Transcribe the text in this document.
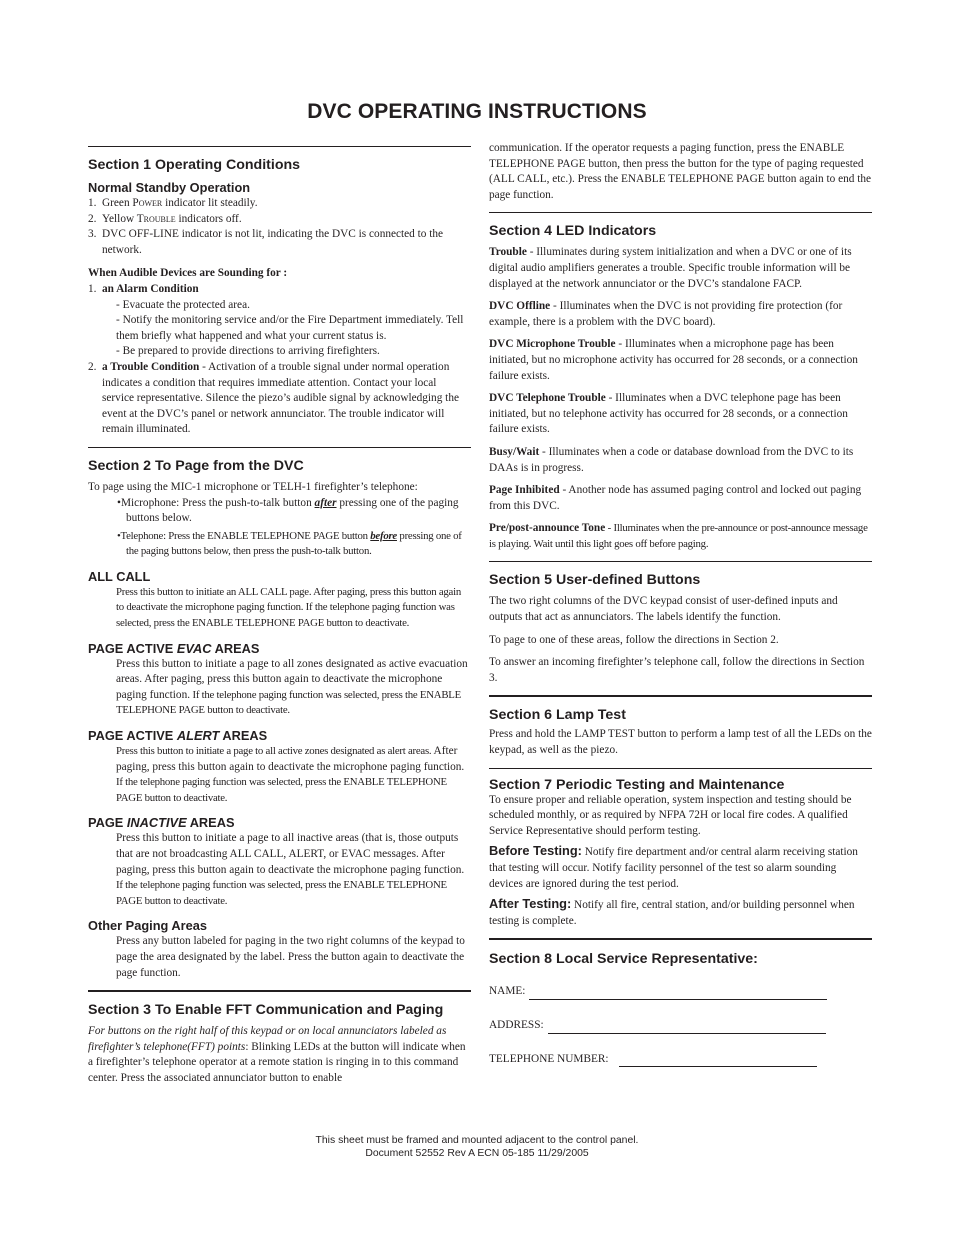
DVC OPERATING INSTRUCTIONS
Section 1 Operating Conditions
Normal Standby Operation
1. Green Power indicator lit steadily.
2. Yellow Trouble indicators off.
3. DVC OFF-LINE indicator is not lit, indicating the DVC is connected to the network.

When Audible Devices are Sounding for :

1. an Alarm Condition

- Evacuate the protected area.

- Notify the monitoring service and/or the Fire Department immediately. Tell them briefly what happened and what your current status is.

- Be prepared to provide directions to arriving firefighters.

2. a Trouble Condition - Activation of a trouble signal under normal operation indicates a condition that requires immediate attention. Contact your local service representative. Silence the piezo’s audible signal by acknowledging the event at the DVC’s panel or network annunciator. The trouble indicator will remain illuminated.
Section 2 To Page from the DVC

To page using the MIC-1 microphone or TELH-1 firefighter’s telephone:

•Microphone: Press the push-to-talk button after pressing one of the paging buttons below.

•Telephone: Press the ENABLE TELEPHONE PAGE button before pressing one of the paging buttons below, then press the push-to-talk button.

ALL CALL

Press this button to initiate an ALL CALL page. After paging, press this button again to deactivate the microphone paging function. If the telephone paging function was selected, press the ENABLE TELEPHONE PAGE button to deactivate.

PAGE ACTIVE EVAC AREAS

Press this button to initiate a page to all zones designated as active evacuation areas. After paging, press this button again to deactivate the microphone paging function. If the telephone paging function was selected, press the ENABLE TELEPHONE PAGE button to deactivate.

PAGE ACTIVE ALERT AREAS

Press this button to initiate a page to all active zones designated as alert areas. After paging, press this button again to deactivate the microphone paging function. If the telephone paging function was selected, press the ENABLE TELEPHONE PAGE button to deactivate.

PAGE INACTIVE AREAS

Press this button to initiate a page to all inactive areas (that is, those outputs that are not broadcasting ALL CALL, ALERT, or EVAC messages. After paging, press this button again to deactivate the microphone paging function. If the telephone paging function was selected, press the ENABLE TELEPHONE PAGE button to deactivate.

Other Paging Areas

Press any button labeled for paging in the two right columns of the keypad to page the area designated by the label. Press the button again to deactivate the page function.

Section 3 To Enable FFT Communication and Paging

For buttons on the right half of this keypad or on local annunciators labeled as firefighter’s telephone(FFT) points: Blinking LEDs at the button will indicate when a firefighter’s telephone operator at a remote station is ringing in to this command center. Press the associated annunciator button to enable

communication. If the operator requests a paging function, press the ENABLE TELEPHONE PAGE button, then press the button for the type of paging requested (ALL CALL, etc.). Press the ENABLE TELEPHONE PAGE button again to end the page function.

Section 4 LED Indicators

Trouble - Illuminates during system initialization and when a DVC or one of its digital audio amplifiers generates a trouble. Specific trouble information will be displayed at the network annunciator or the DVC’s standalone FACP.

DVC Offline - Illuminates when the DVC is not providing fire protection (for example, there is a problem with the DVC board).

DVC Microphone Trouble - Illuminates when a microphone page has been initiated, but no microphone activity has occurred for 28 seconds, or a connection failure exists.

DVC Telephone Trouble - Illuminates when a DVC telephone page has been initiated, but no telephone activity has occurred for 28 seconds, or a connection failure exists.

Busy/Wait - Illuminates when a code or database download from the DVC to its DAAs is in progress.

Page Inhibited - Another node has assumed paging control and locked out paging from this DVC.

Pre/post-announce Tone - Illuminates when the pre-announce or post-announce message is playing. Wait until this light goes off before paging.

Section 5 User-defined Buttons

The two right columns of the DVC keypad consist of user-defined inputs and outputs that act as annunciators. The labels identify the function.

To page to one of these areas, follow the directions in Section 2.

To answer an incoming firefighter’s telephone call, follow the directions in Section 3.

Section 6 Lamp Test

Press and hold the LAMP TEST button to perform a lamp test of all the LEDs on the keypad, as well as the piezo.

Section 7 Periodic Testing and Maintenance

To ensure proper and reliable operation, system inspection and testing should be scheduled monthly, or as required by NFPA 72H or local fire codes. A qualified Service Representative should perform testing.

Before Testing: Notify fire department and/or central alarm receiving station that testing will occur. Notify facility personnel of the test so alarm sounding devices are ignored during the test period.

After Testing: Notify all fire, central station, and/or building personnel when testing is complete.

Section 8 Local Service Representative:
NAME:
ADDRESS:
TELEPHONE NUMBER:
This sheet must be framed and mounted adjacent to the control panel.
Document 52552 Rev A ECN 05-185 11/29/2005
